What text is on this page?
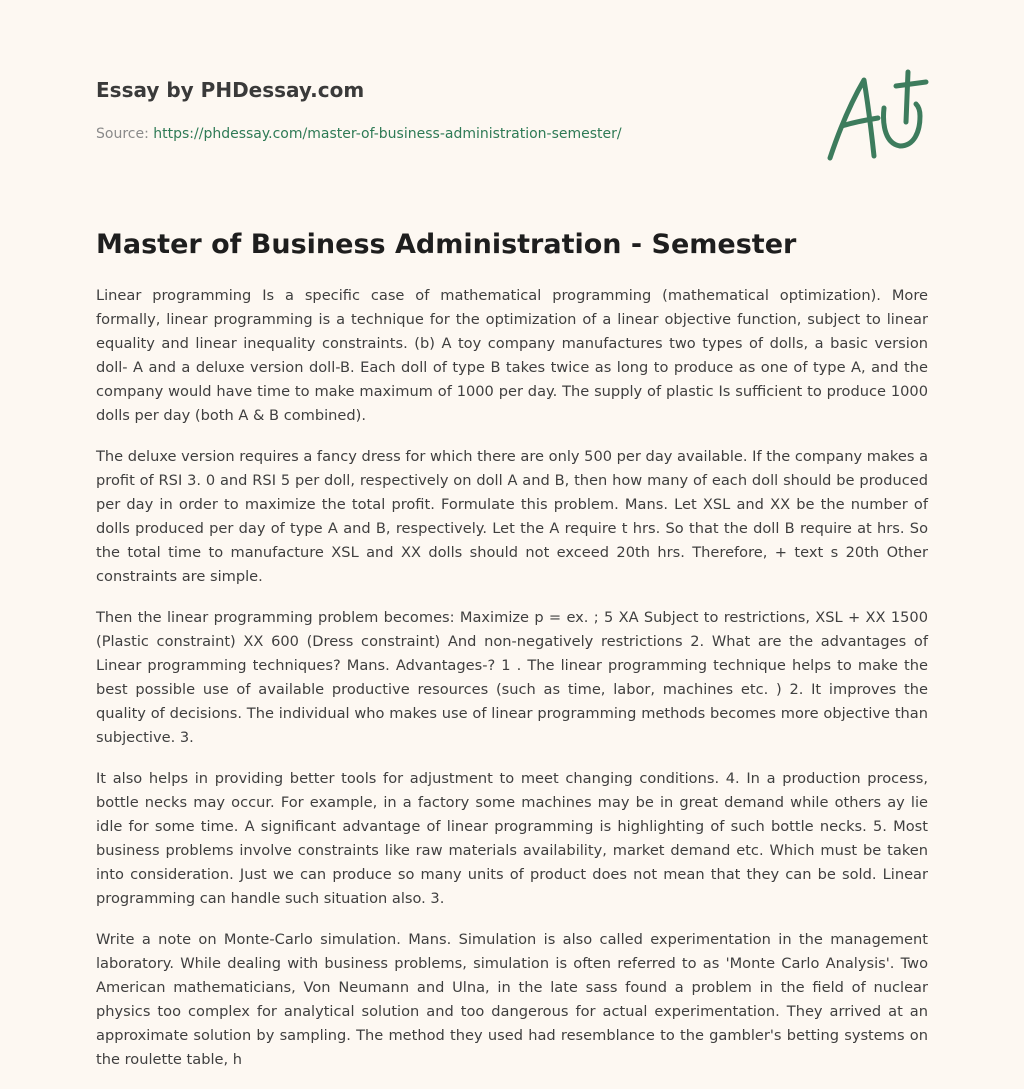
Essay by PHDessay.com
Source: https://phdessay.com/master-of-business-administration-semester/
Master of Business Administration - Semester

Linear programming Is a specific case of mathematical programming (mathematical optimization). More formally, linear programming is a technique for the optimization of a linear objective function, subject to linear equality and linear inequality constraints. (b) A toy company manufactures two types of dolls, a basic version doll- A and a deluxe version doll-B. Each doll of type B takes twice as long to produce as one of type A, and the company would have time to make maximum of 1000 per day. The supply of plastic Is sufficient to produce 1000 dolls per day (both A & B combined).

The deluxe version requires a fancy dress for which there are only 500 per day available. If the company makes a profit of RSI 3. 0 and RSI 5 per doll, respectively on doll A and B, then how many of each doll should be produced per day in order to maximize the total profit. Formulate this problem. Mans. Let XSL and XX be the number of dolls produced per day of type A and B, respectively. Let the A require t hrs. So that the doll B require at hrs. So the total time to manufacture XSL and XX dolls should not exceed 20th hrs. Therefore, + text s 20th Other constraints are simple.

Then the linear programming problem becomes: Maximize p = ex. ; 5 XA Subject to restrictions, XSL + XX 1500 (Plastic constraint) XX 600 (Dress constraint) And non-negatively restrictions 2. What are the advantages of Linear programming techniques? Mans. Advantages-? 1 . The linear programming technique helps to make the best possible use of available productive resources (such as time, labor, machines etc. ) 2. It improves the quality of decisions. The individual who makes use of linear programming methods becomes more objective than subjective. 3.

It also helps in providing better tools for adjustment to meet changing conditions. 4. In a production process, bottle necks may occur. For example, in a factory some machines may be in great demand while others ay lie idle for some time. A significant advantage of linear programming is highlighting of such bottle necks. 5. Most business problems involve constraints like raw materials availability, market demand etc. Which must be taken into consideration. Just we can produce so many units of product does not mean that they can be sold. Linear programming can handle such situation also. 3.

Write a note on Monte-Carlo simulation. Mans. Simulation is also called experimentation in the management laboratory. While dealing with business problems, simulation is often referred to as 'Monte Carlo Analysis'. Two American mathematicians, Von Neumann and Ulna, in the late sass found a problem in the field of nuclear physics too complex for analytical solution and too dangerous for actual experimentation. They arrived at an approximate solution by sampling. The method they used had resemblance to the gambler's betting systems on the roulette table, h
